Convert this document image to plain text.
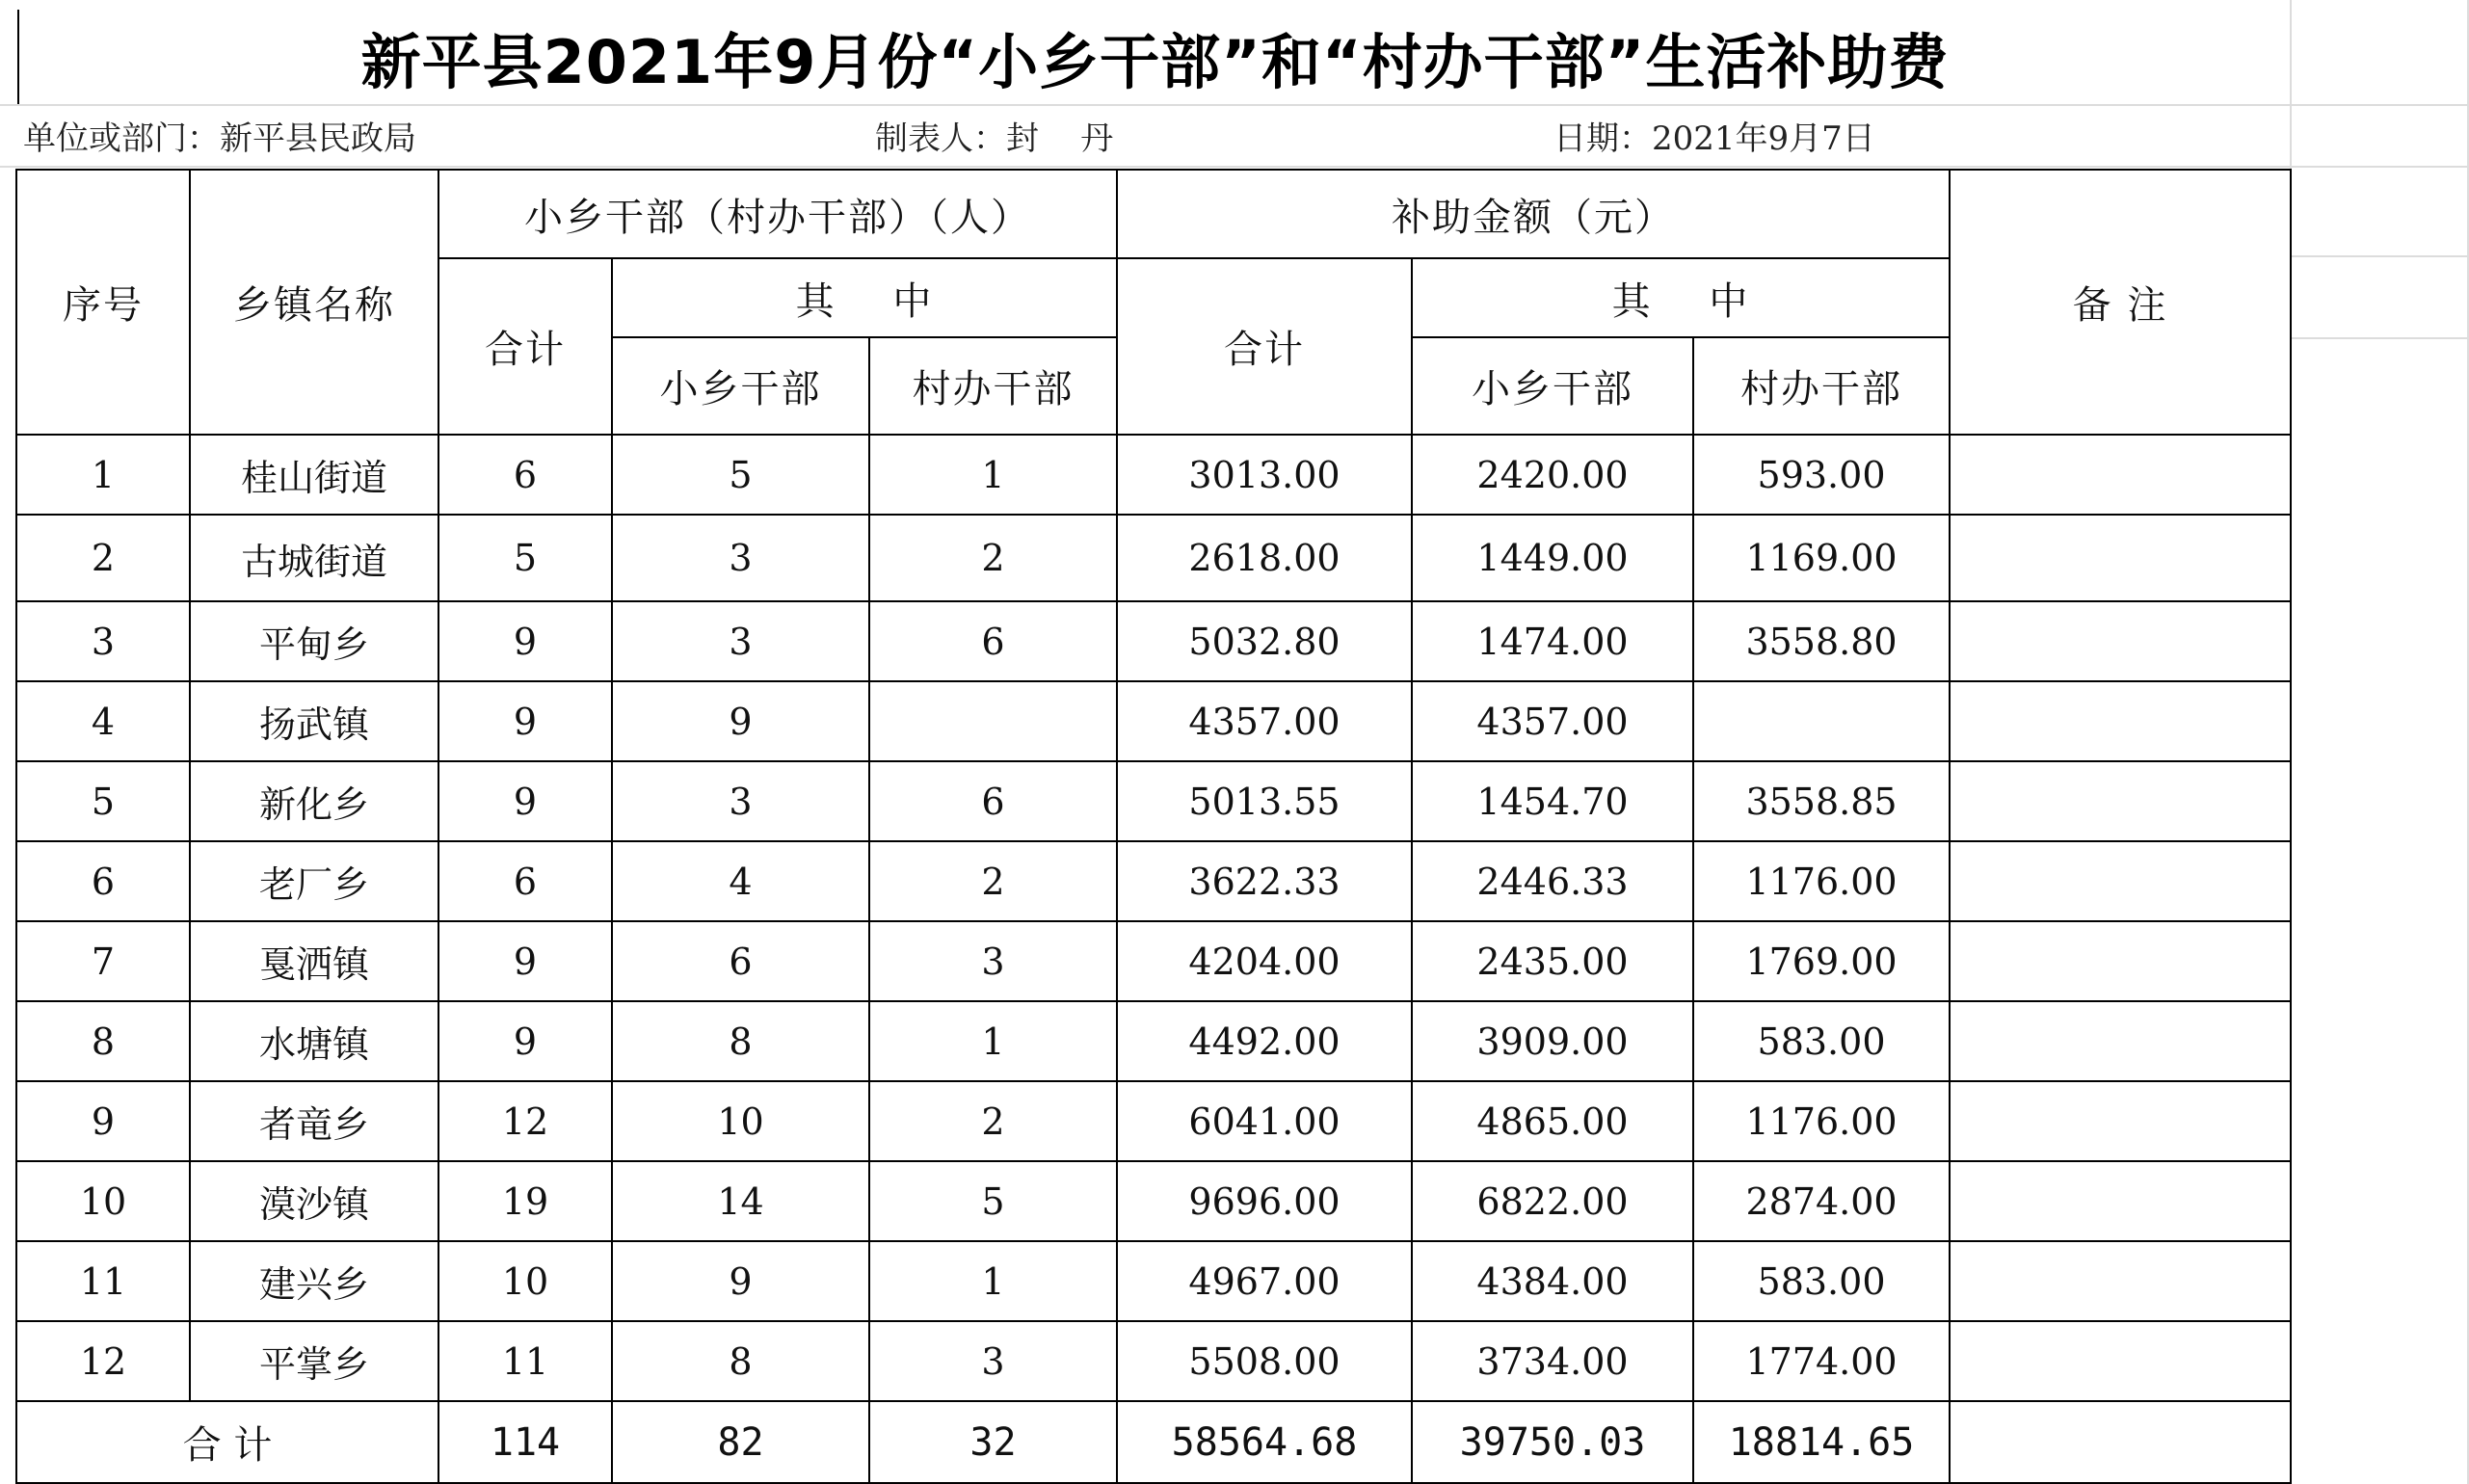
新平县2021年9月份“小乡干部”和“村办干部”生活补助费
单位或部门：新平县民政局	制表人：封    丹	日期：2021年9月7日
序号	乡镇名称	小乡干部（村办干部）（人）			补助金额（元）			备 注
		合计	其    中		合计	其    中		
			小乡干部	村办干部		小乡干部	村办干部	
1	桂山街道	6	5	1	3013.00	2420.00	593.00	
2	古城街道	5	3	2	2618.00	1449.00	1169.00	
3	平甸乡	9	3	6	5032.80	1474.00	3558.80	
4	扬武镇	9	9		4357.00	4357.00		
5	新化乡	9	3	6	5013.55	1454.70	3558.85	
6	老厂乡	6	4	2	3622.33	2446.33	1176.00	
7	戛洒镇	9	6	3	4204.00	2435.00	1769.00	
8	水塘镇	9	8	1	4492.00	3909.00	583.00	
9	者竜乡	12	10	2	6041.00	4865.00	1176.00	
10	漠沙镇	19	14	5	9696.00	6822.00	2874.00	
11	建兴乡	10	9	1	4967.00	4384.00	583.00	
12	平掌乡	11	8	3	5508.00	3734.00	1774.00	
合 计		114	82	32	58564.68	39750.03	18814.65	
